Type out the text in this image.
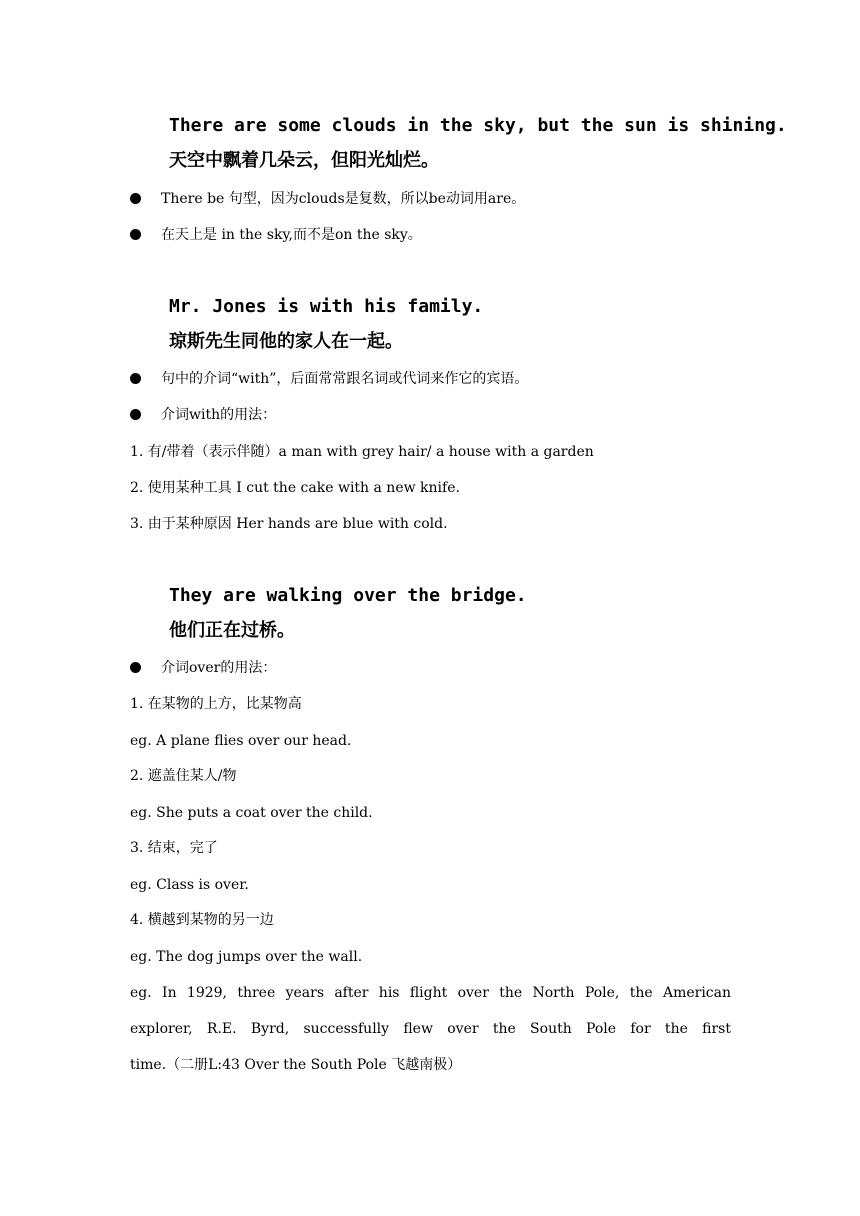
There are some clouds in the sky, but the sun is shining.
天空中飘着几朵云，但阳光灿烂。
There be 句型，因为clouds是复数，所以be动词用are。
在天上是 in the sky,而不是on the sky。
Mr. Jones is with his family.
琼斯先生同他的家人在一起。
句中的介词“with”，后面常常跟名词或代词来作它的宾语。
介词with的用法：
1. 有/带着（表示伴随）a man with grey hair/ a house with a garden
2. 使用某种工具 I cut the cake with a new knife.
3. 由于某种原因 Her hands are blue with cold.
They are walking over the bridge.
他们正在过桥。
介词over的用法：
1. 在某物的上方，比某物高
eg. A plane flies over our head.
2. 遮盖住某人/物
eg. She puts a coat over the child.
3. 结束，完了
eg. Class is over.
4. 横越到某物的另一边
eg. The dog jumps over the wall.
eg. In 1929, three years after his flight over the North Pole, the American
explorer, R.E. Byrd, successfully flew over the South Pole for the first
time.（二册L:43 Over the South Pole 飞越南极）
